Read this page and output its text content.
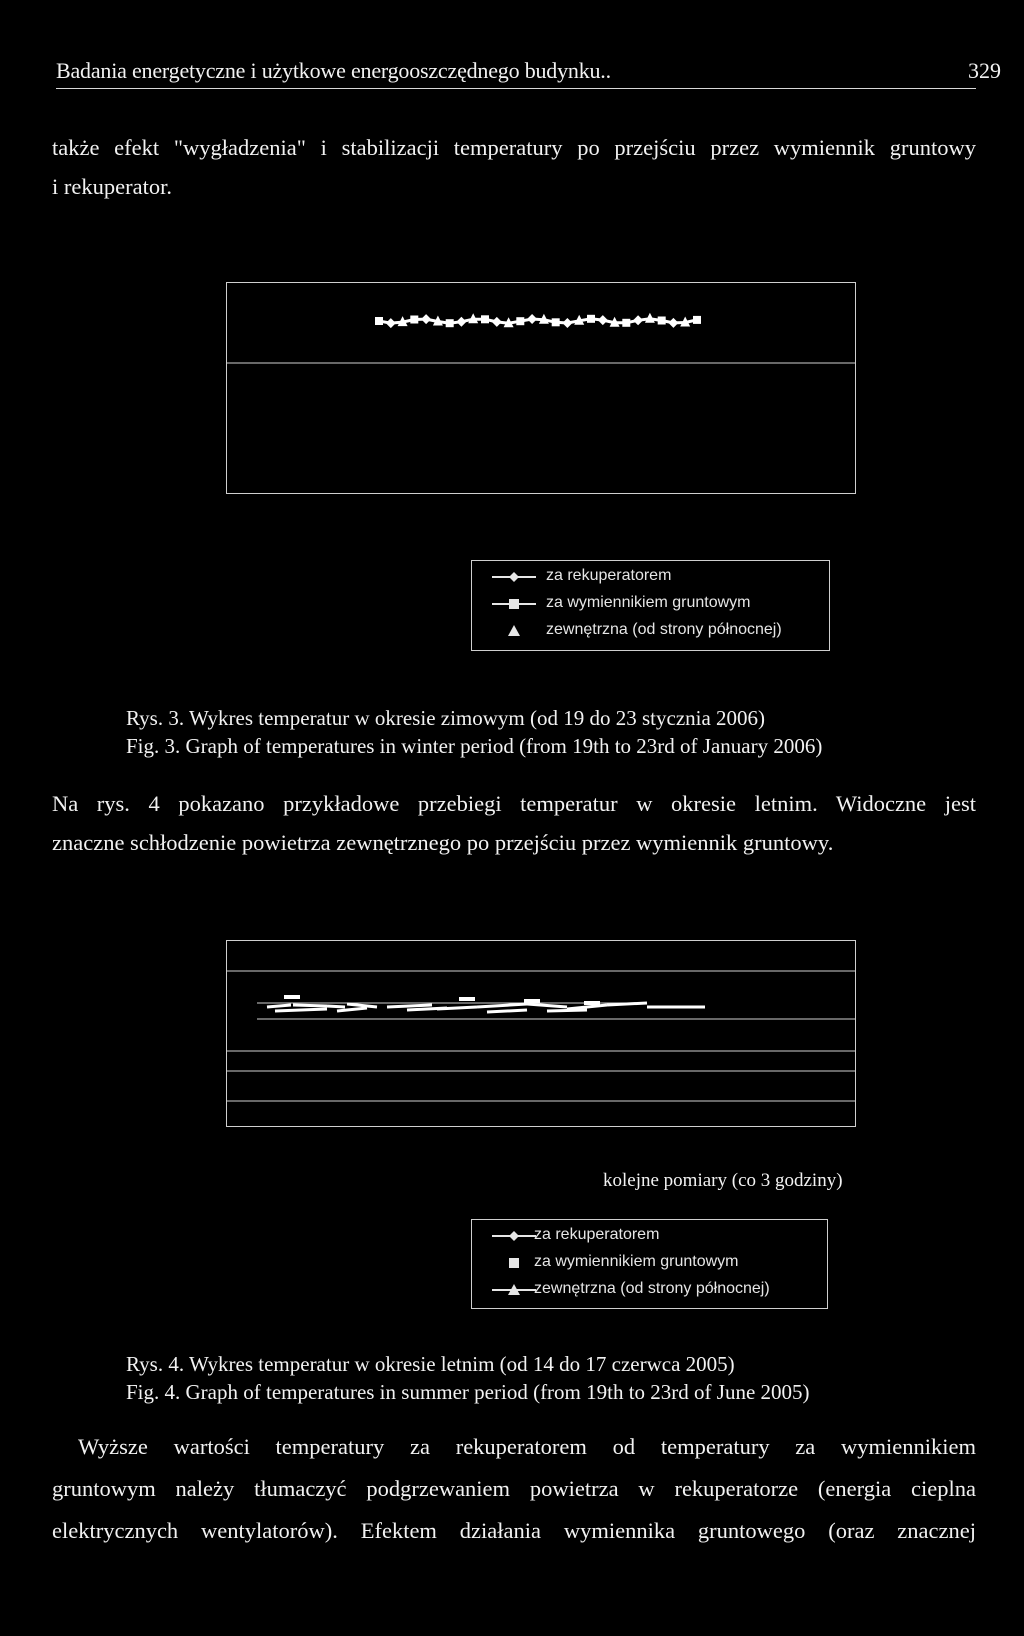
Badania energetyczne i użytkowe energooszczędnego budynku..	329
także efekt "wygładzenia" i stabilizacji temperatury po przejściu przez wymiennik gruntowy
i rekuperator.
za rekuperatorem
za wymiennikiem gruntowym
zewnętrzna (od strony północnej)
Rys. 3. Wykres temperatur w okresie zimowym (od 19 do 23 stycznia 2006)
Fig. 3. Graph of temperatures in winter period (from 19th to 23rd of January 2006)
Na rys. 4 pokazano przykładowe przebiegi temperatur w okresie letnim. Widoczne jest
znaczne schłodzenie powietrza zewnętrznego po przejściu przez wymiennik gruntowy.
kolejne pomiary (co 3 godziny)
za rekuperatorem
za wymiennikiem gruntowym
zewnętrzna (od strony północnej)
Rys. 4. Wykres temperatur w okresie letnim (od 14 do 17 czerwca 2005)
Fig. 4. Graph of temperatures in summer period (from 19th to 23rd of June 2005)
Wyższe wartości temperatury za rekuperatorem od temperatury za wymiennikiem
gruntowym należy tłumaczyć podgrzewaniem powietrza w rekuperatorze (energia cieplna
elektrycznych wentylatorów). Efektem działania wymiennika gruntowego (oraz znacznej
